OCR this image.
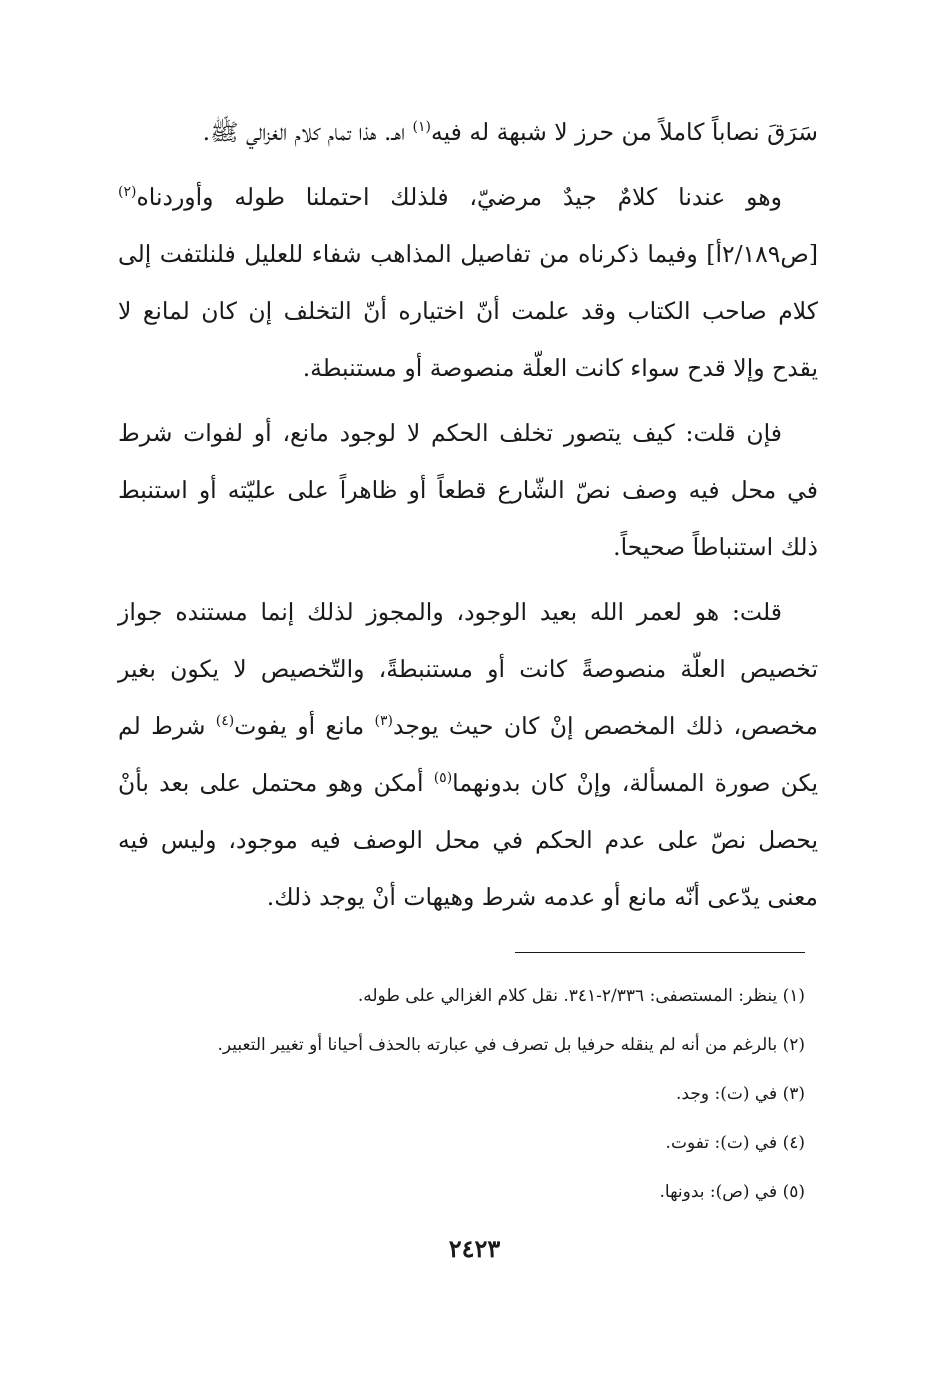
سَرَقَ نصاباً كاملاً من حرز لا شبهة له فيه$^{(١)}$ اهـ. هذا تمام كلام الغزالي ﷺ.

وهو عندنا كلامٌ جيدٌ مرضيّ، فلذلك احتملنا طوله وأوردناه$^{(٢)}$ [ص٢/١٨٩أ] وفيما ذكرناه من تفاصيل المذاهب شفاء للعليل فلنلتفت إلى كلام صاحب الكتاب وقد علمت أنّ اختياره أنّ التخلف إن كان لمانع لا يقدح وإلا قدح سواء كانت العلّة منصوصة أو مستنبطة.

فإن قلت: كيف يتصور تخلف الحكم لا لوجود مانع، أو لفوات شرط في محل فيه وصف نصّ الشّارع قطعاً أو ظاهراً على عليّته أو استنبط ذلك استنباطاً صحيحاً.

قلت: هو لعمر الله بعيد الوجود، والمجوز لذلك إنما مستنده جواز تخصيص العلّة منصوصةً كانت أو مستنبطةً، والتّخصيص لا يكون بغير مخصص، ذلك المخصص إنْ كان حيث يوجد$^{(٣)}$ مانع أو يفوت$^{(٤)}$ شرط لم يكن صورة المسألة، وإنْ كان بدونهما$^{(٥)}$ أمكن وهو محتمل على بعد بأنْ يحصل نصّ على عدم الحكم في محل الوصف فيه موجود، وليس فيه معنى يدّعى أنّه مانع أو عدمه شرط وهيهات أنْ يوجد ذلك.

(١) ينظر: المستصفى: ٢/٣٣٦-٣٤١. نقل كلام الغزالي على طوله.

(٢) بالرغم من أنه لم ينقله حرفيا بل تصرف في عبارته بالحذف أحيانا أو تغيير التعبير.

(٣) في (ت): وجد.

(٤) في (ت): تفوت.

(٥) في (ص): بدونها.

٢٤٢٣
